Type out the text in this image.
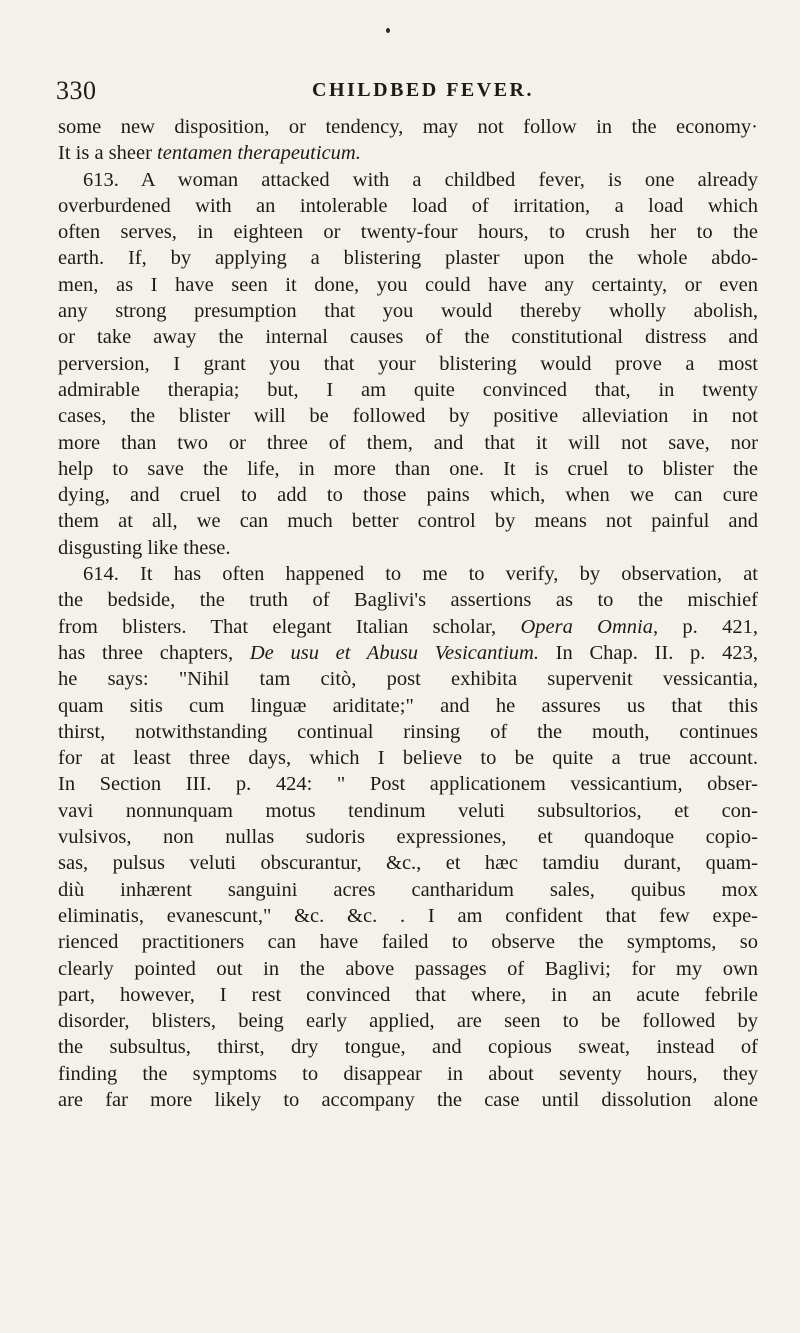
330	CHILDBED FEVER.
some new disposition, or tendency, may not follow in the economy·
It is a sheer tentamen therapeuticum.
613. A woman attacked with a childbed fever, is one already
overburdened with an intolerable load of irritation, a load which
often serves, in eighteen or twenty-four hours, to crush her to the
earth. If, by applying a blistering plaster upon the whole abdo-
men, as I have seen it done, you could have any certainty, or even
any strong presumption that you would thereby wholly abolish,
or take away the internal causes of the constitutional distress and
perversion, I grant you that your blistering would prove a most
admirable therapia; but, I am quite convinced that, in twenty
cases, the blister will be followed by positive alleviation in not
more than two or three of them, and that it will not save, nor
help to save the life, in more than one. It is cruel to blister the
dying, and cruel to add to those pains which, when we can cure
them at all, we can much better control by means not painful and
disgusting like these.
614. It has often happened to me to verify, by observation, at
the bedside, the truth of Baglivi's assertions as to the mischief
from blisters. That elegant Italian scholar, Opera Omnia, p. 421,
has three chapters, De usu et Abusu Vesicantium. In Chap. II. p. 423,
he says: "Nihil tam citò, post exhibita supervenit vessicantia,
quam sitis cum linguæ ariditate;" and he assures us that this
thirst, notwithstanding continual rinsing of the mouth, continues
for at least three days, which I believe to be quite a true account.
In Section III. p. 424: " Post applicationem vessicantium, obser-
vavi nonnunquam motus tendinum veluti subsultorios, et con-
vulsivos, non nullas sudoris expressiones, et quandoque copio-
sas, pulsus veluti obscurantur, &c., et hæc tamdiu durant, quam-
diù inhærent sanguini acres cantharidum sales, quibus mox
eliminatis, evanescunt," &c. &c. . I am confident that few expe-
rienced practitioners can have failed to observe the symptoms, so
clearly pointed out in the above passages of Baglivi; for my own
part, however, I rest convinced that where, in an acute febrile
disorder, blisters, being early applied, are seen to be followed by
the subsultus, thirst, dry tongue, and copious sweat, instead of
finding the symptoms to disappear in about seventy hours, they
are far more likely to accompany the case until dissolution alone
